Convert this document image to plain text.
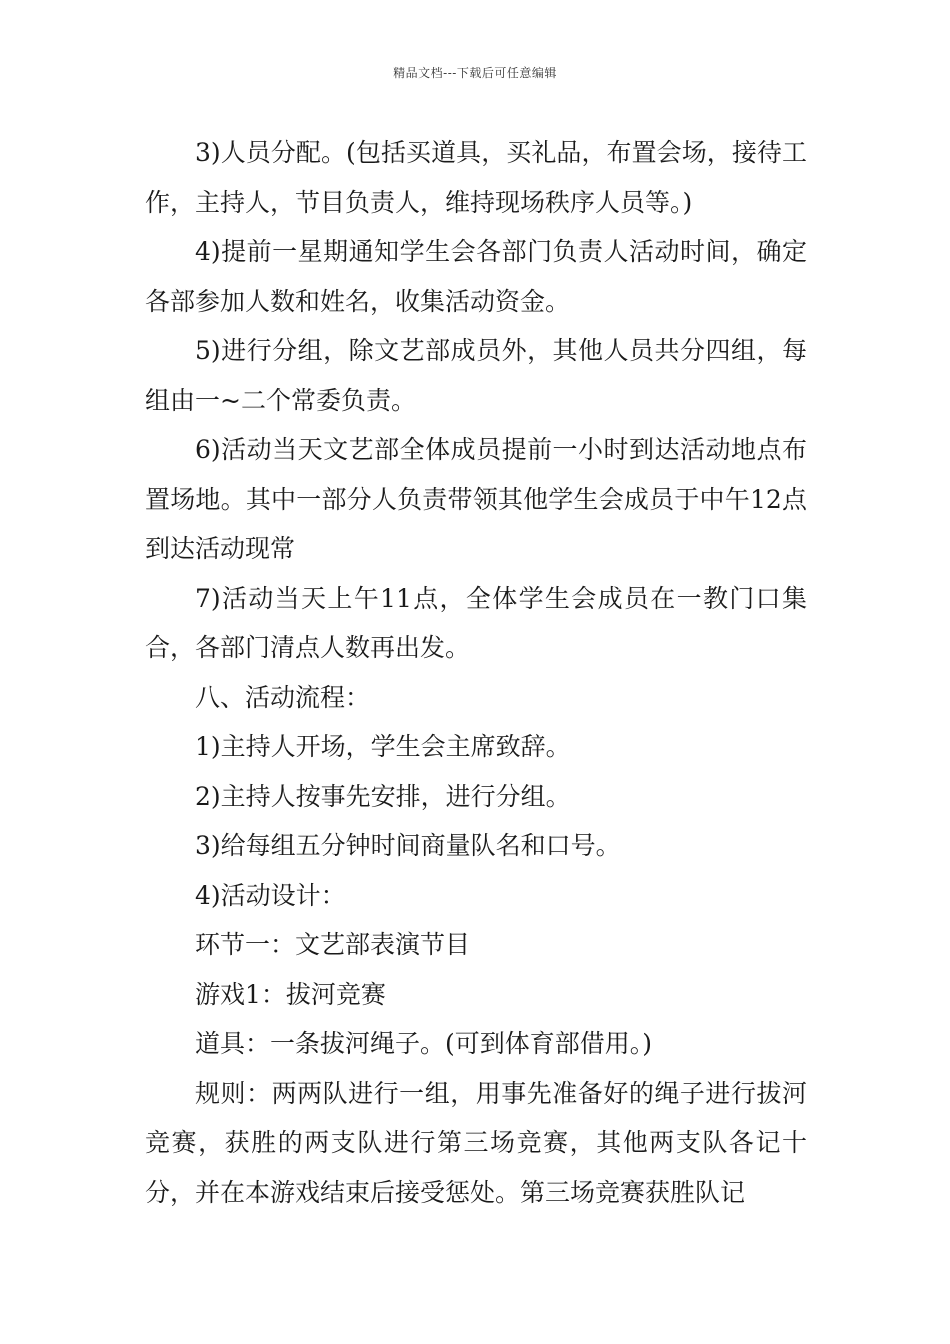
精品文档---下载后可任意编辑

3)人员分配。(包括买道具，买礼品，布置会场，接待工作，主持人，节目负责人，维持现场秩序人员等。)

4)提前一星期通知学生会各部门负责人活动时间，确定各部参加人数和姓名，收集活动资金。

5)进行分组，除文艺部成员外，其他人员共分四组，每组由一~二个常委负责。

6)活动当天文艺部全体成员提前一小时到达活动地点布置场地。其中一部分人负责带领其他学生会成员于中午12点到达活动现常

7)活动当天上午11点，全体学生会成员在一教门口集合，各部门清点人数再出发。

八、活动流程：

1)主持人开场，学生会主席致辞。

2)主持人按事先安排，进行分组。

3)给每组五分钟时间商量队名和口号。

4)活动设计：

环节一：文艺部表演节目

游戏1：拔河竞赛

道具：一条拔河绳子。(可到体育部借用。)

规则：两两队进行一组，用事先准备好的绳子进行拔河竞赛，获胜的两支队进行第三场竞赛，其他两支队各记十分，并在本游戏结束后接受惩处。第三场竞赛获胜队记
